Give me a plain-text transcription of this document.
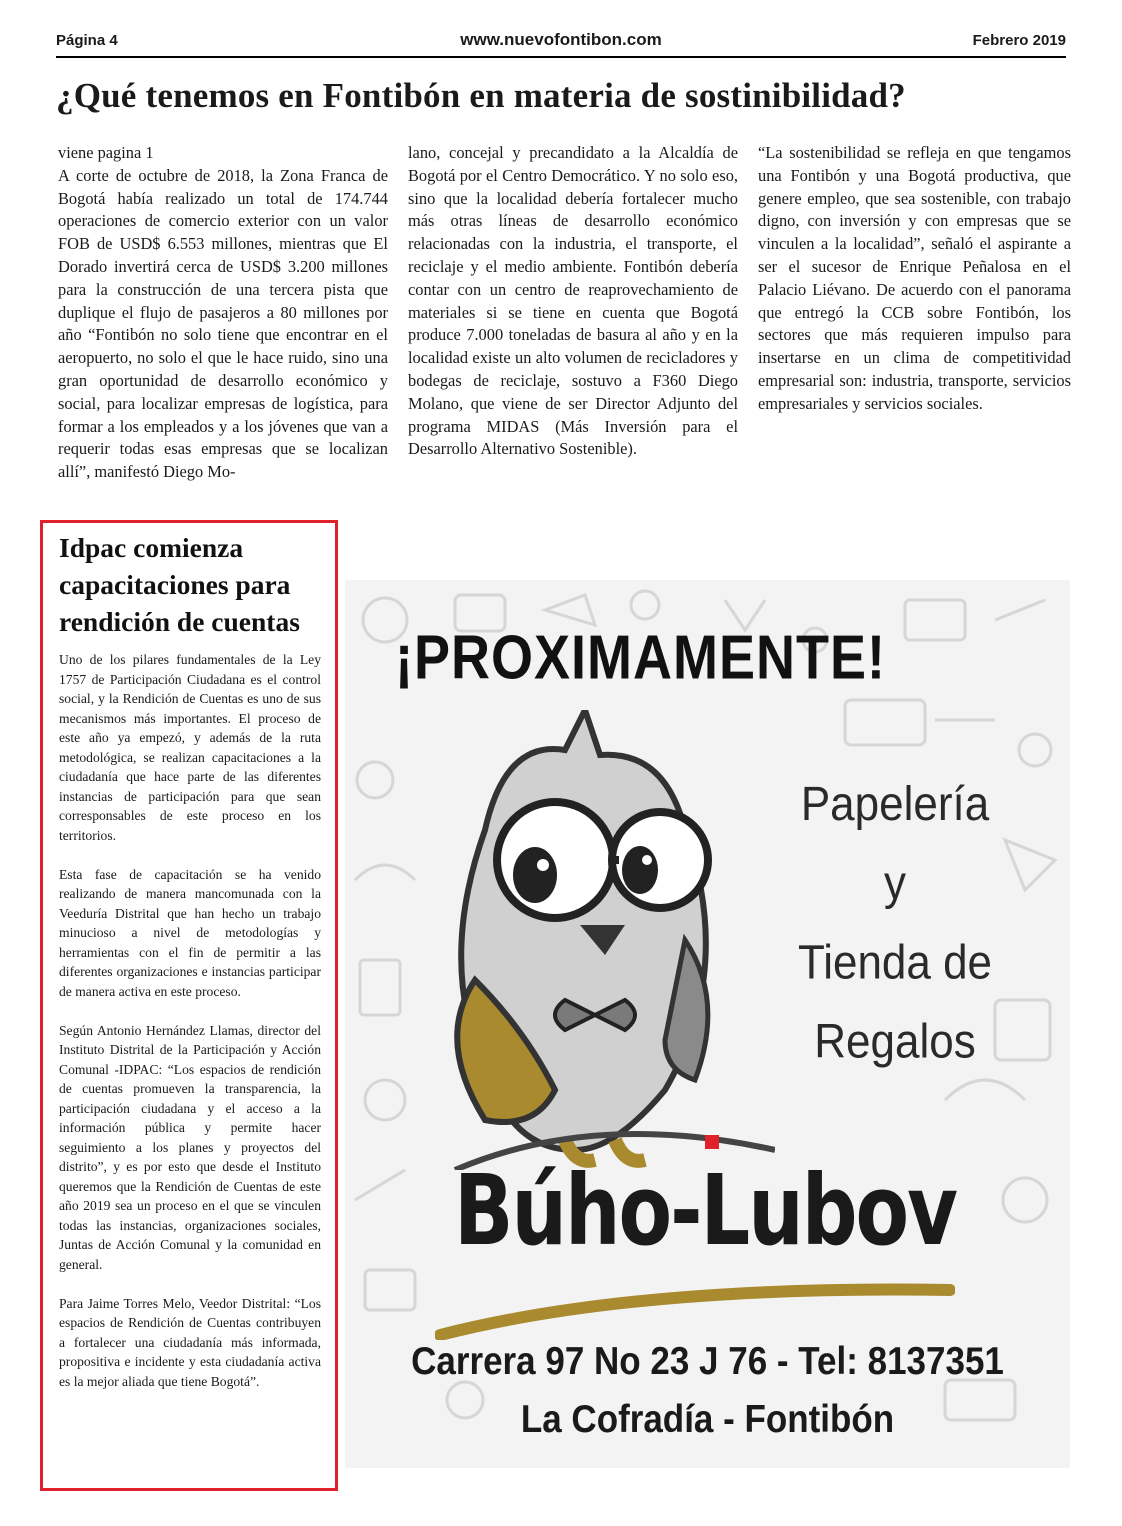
Página 4	www.nuevofontibon.com	Febrero 2019
¿Qué tenemos en Fontibón en materia de sostinibilidad?

viene pagina 1

A corte de octubre de 2018, la Zona Franca de Bogotá había realizado un total de 174.744 operaciones de comercio exterior con un valor FOB de USD$ 6.553 millones, mientras que El Dorado invertirá cerca de USD$ 3.200 millones para la construcción de una tercera pista que duplique el flujo de pasajeros a 80 millones por año “Fontibón no solo tiene que encontrar en el aeropuerto, no solo el que le hace ruido, sino una gran oportunidad de desarrollo económico y social, para localizar empresas de logística, para formar a los empleados y a los jóvenes que van a requerir todas esas empresas que se localizan allí”, manifestó Diego Mo-

lano, concejal y precandidato a la Alcaldía de Bogotá por el Centro Democrático. Y no solo eso, sino que la localidad debería fortalecer mucho más otras líneas de desarrollo económico relacionadas con la industria, el transporte, el reciclaje y el medio ambiente. Fontibón debería contar con un centro de reaprovechamiento de materiales si se tiene en cuenta que Bogotá produce 7.000 toneladas de basura al año y en la localidad existe un alto volumen de recicladores y bodegas de reciclaje, sostuvo a F360 Diego Molano, que viene de ser Director Adjunto del programa MIDAS (Más Inversión para el Desarrollo Alternativo Sostenible).

“La sostenibilidad se refleja en que tengamos una Fontibón y una Bogotá productiva, que genere empleo, que sea sostenible, con trabajo digno, con inversión y con empresas que se vinculen a la localidad”, señaló el aspirante a ser el sucesor de Enrique Peñalosa en el Palacio Liévano. De acuerdo con el panorama que entregó la CCB sobre Fontibón, los sectores que más requieren impulso para insertarse en un clima de competitividad empresarial son: industria, transporte, servicios empresariales y servicios sociales.

Idpac comienza capacitaciones para rendición de cuentas

Uno de los pilares fundamentales de la Ley 1757 de Participación Ciudadana es el control social, y la Rendición de Cuentas es uno de sus mecanismos más importantes. El proceso de este año ya empezó, y además de la ruta metodológica, se realizan capacitaciones a la ciudadanía que hace parte de las diferentes instancias de participación para que sean corresponsables de este proceso en los territorios.

Esta fase de capacitación se ha venido realizando de manera mancomunada con la Veeduría Distrital que han hecho un trabajo minucioso a nivel de metodologías y herramientas con el fin de permitir a las diferentes organizaciones e instancias participar de manera activa en este proceso.

Según Antonio Hernández Llamas, director del Instituto Distrital de la Participación y Acción Comunal -IDPAC: “Los espacios de rendición de cuentas promueven la transparencia, la participación ciudadana y el acceso a la información pública y permite hacer seguimiento a los planes y proyectos del distrito”, y es por esto que desde el Instituto queremos que la Rendición de Cuentas de este año 2019 sea un proceso en el que se vinculen todas las instancias, organizaciones sociales, Juntas de Acción Comunal y la comunidad en general.

Para Jaime Torres Melo, Veedor Distrital: “Los espacios de Rendición de Cuentas contribuyen a fortalecer una ciudadanía más informada, propositiva e incidente y esta ciudadanía activa es la mejor aliada que tiene Bogotá”.

¡PROXIMAMENTE!
Papelería
y
Tienda de
Regalos
Búho-Lubov
Carrera 97 No 23 J 76 - Tel: 8137351
La Cofradía - Fontibón
